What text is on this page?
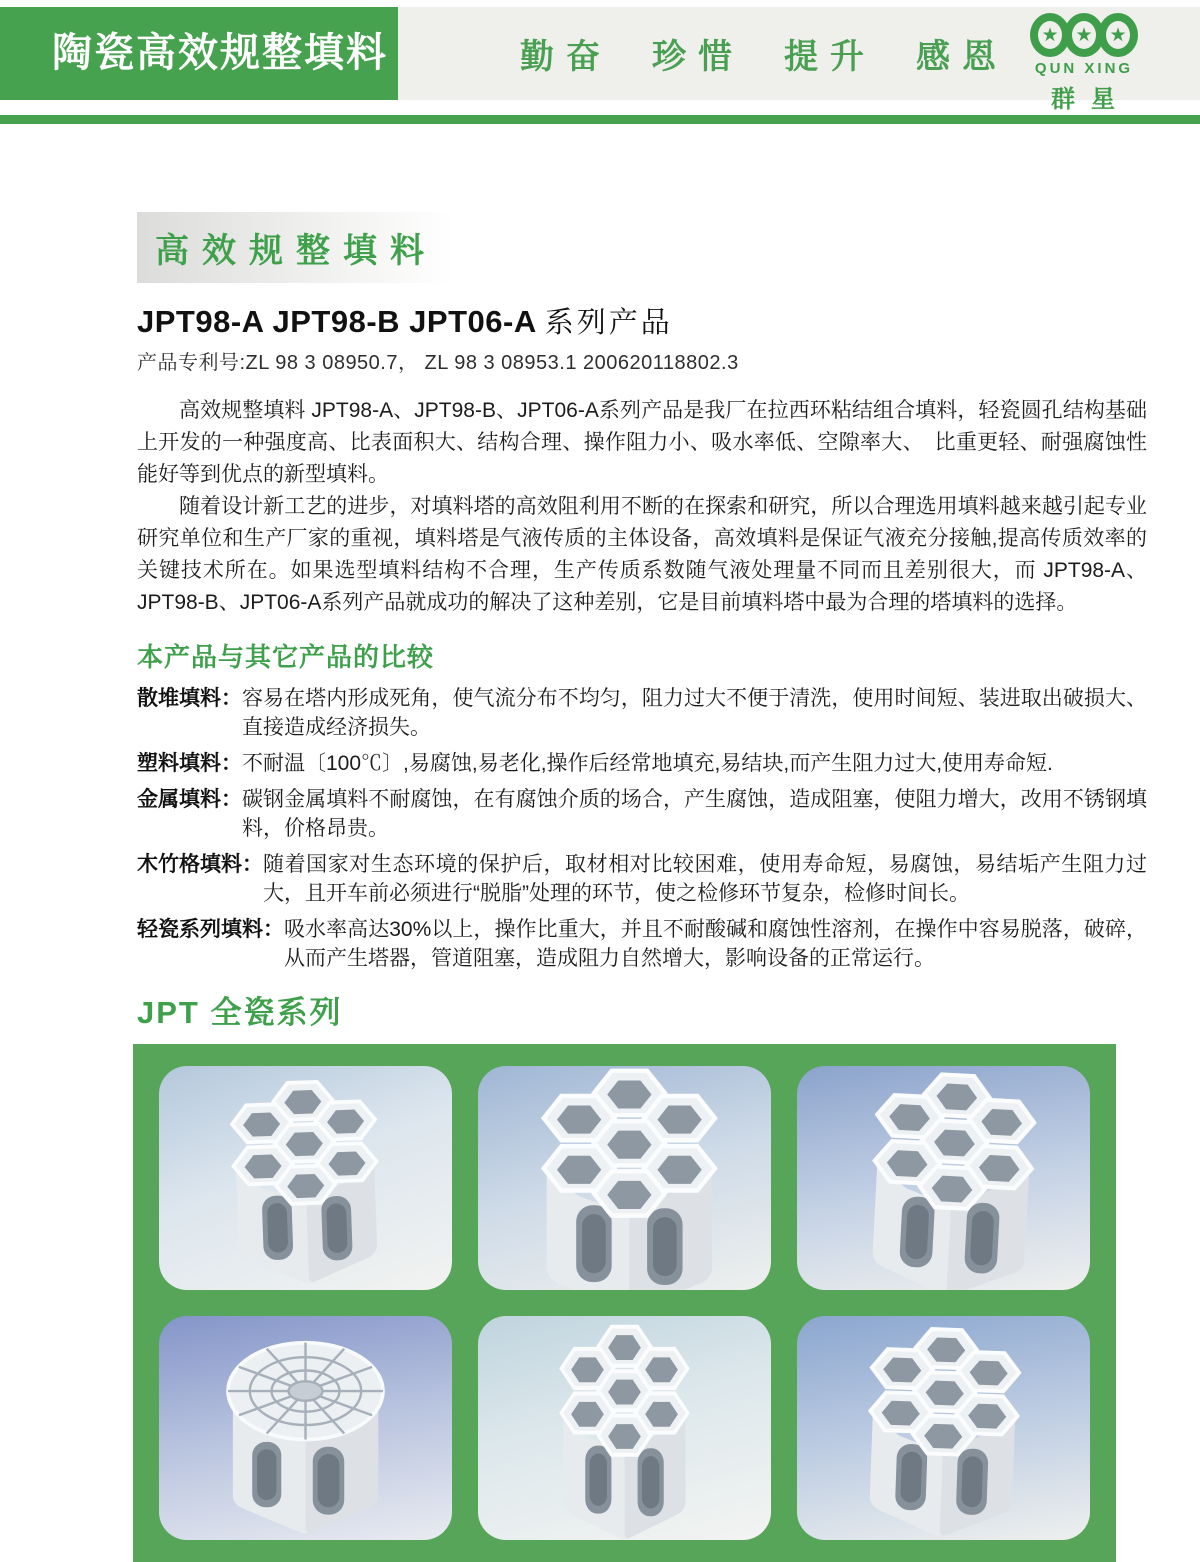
陶瓷高效规整填料	勤奋 珍惜 提升 感恩
★ ★ ★
QUN XING
群星
高效规整填料
JPT98-A JPT98-B JPT06-A 系列产品
产品专利号:ZL 98 3 08950.7， ZL 98 3 08953.1 200620118802.3

高效规整填料 JPT98-A、JPT98-B、JPT06-A系列产品是我厂在拉西环粘结组合填料，轻瓷圆孔结构基础上开发的一种强度高、比表面积大、结构合理、操作阻力小、吸水率低、空隙率大、　比重更轻、耐强腐蚀性能好等到优点的新型填料。

随着设计新工艺的进步，对填料塔的高效阻利用不断的在探索和研究，所以合理选用填料越来越引起专业研究单位和生产厂家的重视，填料塔是气液传质的主体设备，高效填料是保证气液充分接触,提高传质效率的关键技术所在。如果选型填料结构不合理，生产传质系数随气液处理量不同而且差别很大，而 JPT98-A、JPT98-B、JPT06-A系列产品就成功的解决了这种差别，它是目前填料塔中最为合理的塔填料的选择。

本产品与其它产品的比较
散堆填料： 容易在塔内形成死角，使气流分布不均匀，阻力过大不便于清洗，使用时间短、装进取出破损大、直接造成经济损失。
塑料填料： 不耐温〔100℃〕,易腐蚀,易老化,操作后经常地填充,易结块,而产生阻力过大,使用寿命短.
金属填料： 碳钢金属填料不耐腐蚀，在有腐蚀介质的场合，产生腐蚀，造成阻塞，使阻力增大，改用不锈钢填料，价格昂贵。
木竹格填料： 随着国家对生态环境的保护后，取材相对比较困难，使用寿命短，易腐蚀，易结垢产生阻力过大，且开车前必须进行“脱脂”处理的环节，使之检修环节复杂，检修时间长。
轻瓷系列填料： 吸水率高达30%以上，操作比重大，并且不耐酸碱和腐蚀性溶剂，在操作中容易脱落，破碎，从而产生塔器，管道阻塞，造成阻力自然增大，影响设备的正常运行。
JPT 全瓷系列
